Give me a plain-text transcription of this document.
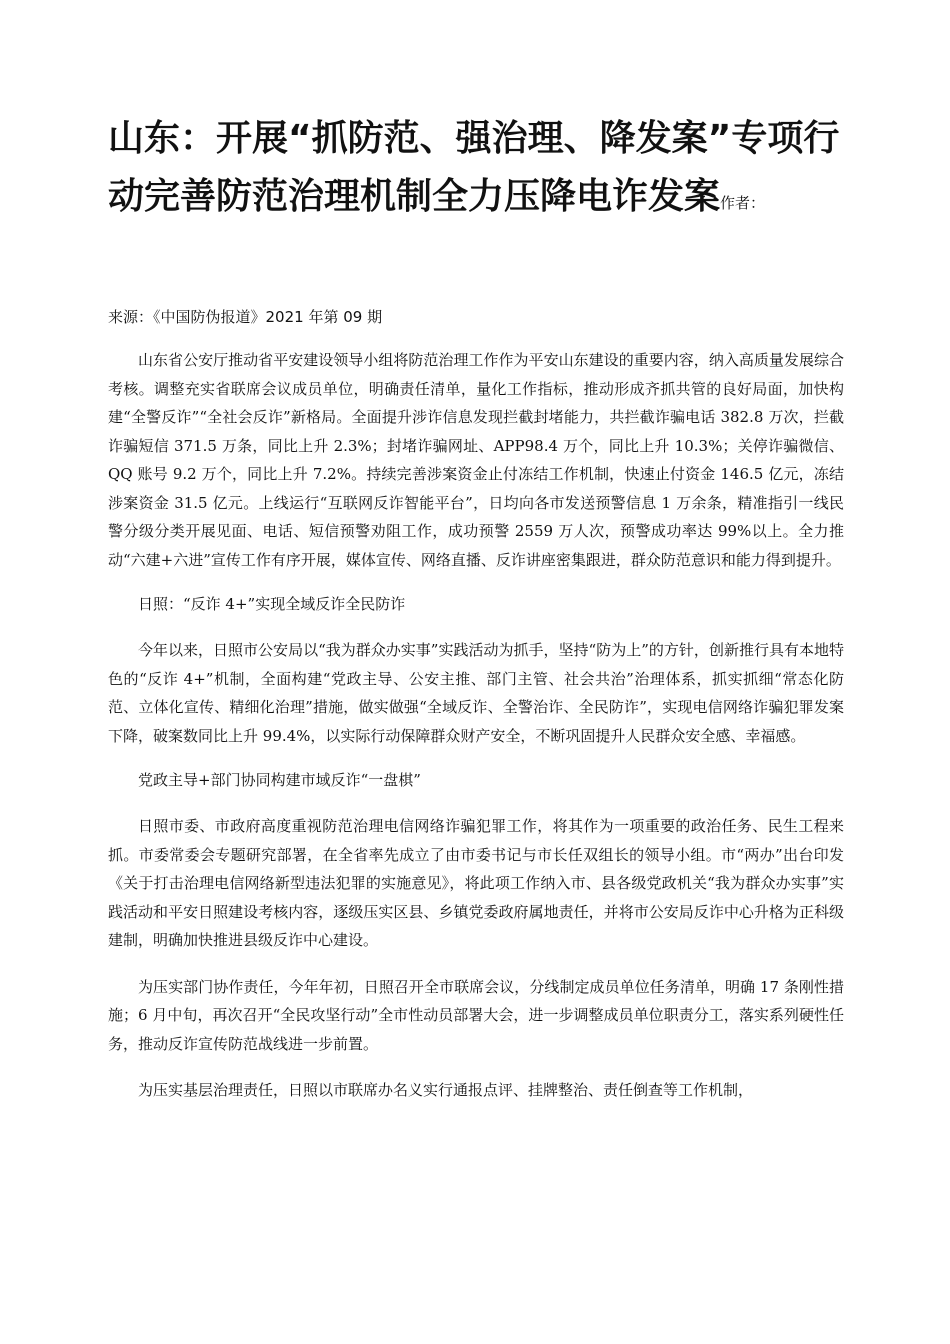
山东：开展“抓防范、强治理、降发案”专项行动完善防范治理机制全力压降电诈发案作者：
来源：《中国防伪报道》2021 年第 09 期

山东省公安厅推动省平安建设领导小组将防范治理工作作为平安山东建设的重要内容，纳入高质量发展综合考核。调整充实省联席会议成员单位，明确责任清单，量化工作指标，推动形成齐抓共管的良好局面，加快构建“全警反诈”“全社会反诈”新格局。全面提升涉诈信息发现拦截封堵能力，共拦截诈骗电话 382.8 万次，拦截诈骗短信 371.5 万条，同比上升 2.3%；封堵诈骗网址、APP98.4 万个，同比上升 10.3%；关停诈骗微信、QQ 账号 9.2 万个，同比上升 7.2%。持续完善涉案资金止付冻结工作机制，快速止付资金 146.5 亿元，冻结涉案资金 31.5 亿元。上线运行“互联网反诈智能平台”，日均向各市发送预警信息 1 万余条，精准指引一线民警分级分类开展见面、电话、短信预警劝阻工作，成功预警 2559 万人次，预警成功率达 99%以上。全力推动“六建+六进”宣传工作有序开展，媒体宣传、网络直播、反诈讲座密集跟进，群众防范意识和能力得到提升。

日照：“反诈 4+”实现全域反诈全民防诈

今年以来，日照市公安局以“我为群众办实事”实践活动为抓手，坚持“防为上”的方针，创新推行具有本地特色的“反诈 4+”机制，全面构建“党政主导、公安主推、部门主管、社会共治”治理体系，抓实抓细“常态化防范、立体化宣传、精细化治理”措施，做实做强“全域反诈、全警治诈、全民防诈”，实现电信网络诈骗犯罪发案下降，破案数同比上升 99.4%，以实际行动保障群众财产安全，不断巩固提升人民群众安全感、幸福感。

党政主导+部门协同构建市域反诈“一盘棋”

日照市委、市政府高度重视防范治理电信网络诈骗犯罪工作，将其作为一项重要的政治任务、民生工程来抓。市委常委会专题研究部署，在全省率先成立了由市委书记与市长任双组长的领导小组。市“两办”出台印发《关于打击治理电信网络新型违法犯罪的实施意见》，将此项工作纳入市、县各级党政机关“我为群众办实事”实践活动和平安日照建设考核内容，逐级压实区县、乡镇党委政府属地责任，并将市公安局反诈中心升格为正科级建制，明确加快推进县级反诈中心建设。

为压实部门协作责任，今年年初，日照召开全市联席会议，分线制定成员单位任务清单，明确 17 条刚性措施；6 月中旬，再次召开“全民攻坚行动”全市性动员部署大会，进一步调整成员单位职责分工，落实系列硬性任务，推动反诈宣传防范战线进一步前置。

为压实基层治理责任，日照以市联席办名义实行通报点评、挂牌整治、责任倒查等工作机制，
